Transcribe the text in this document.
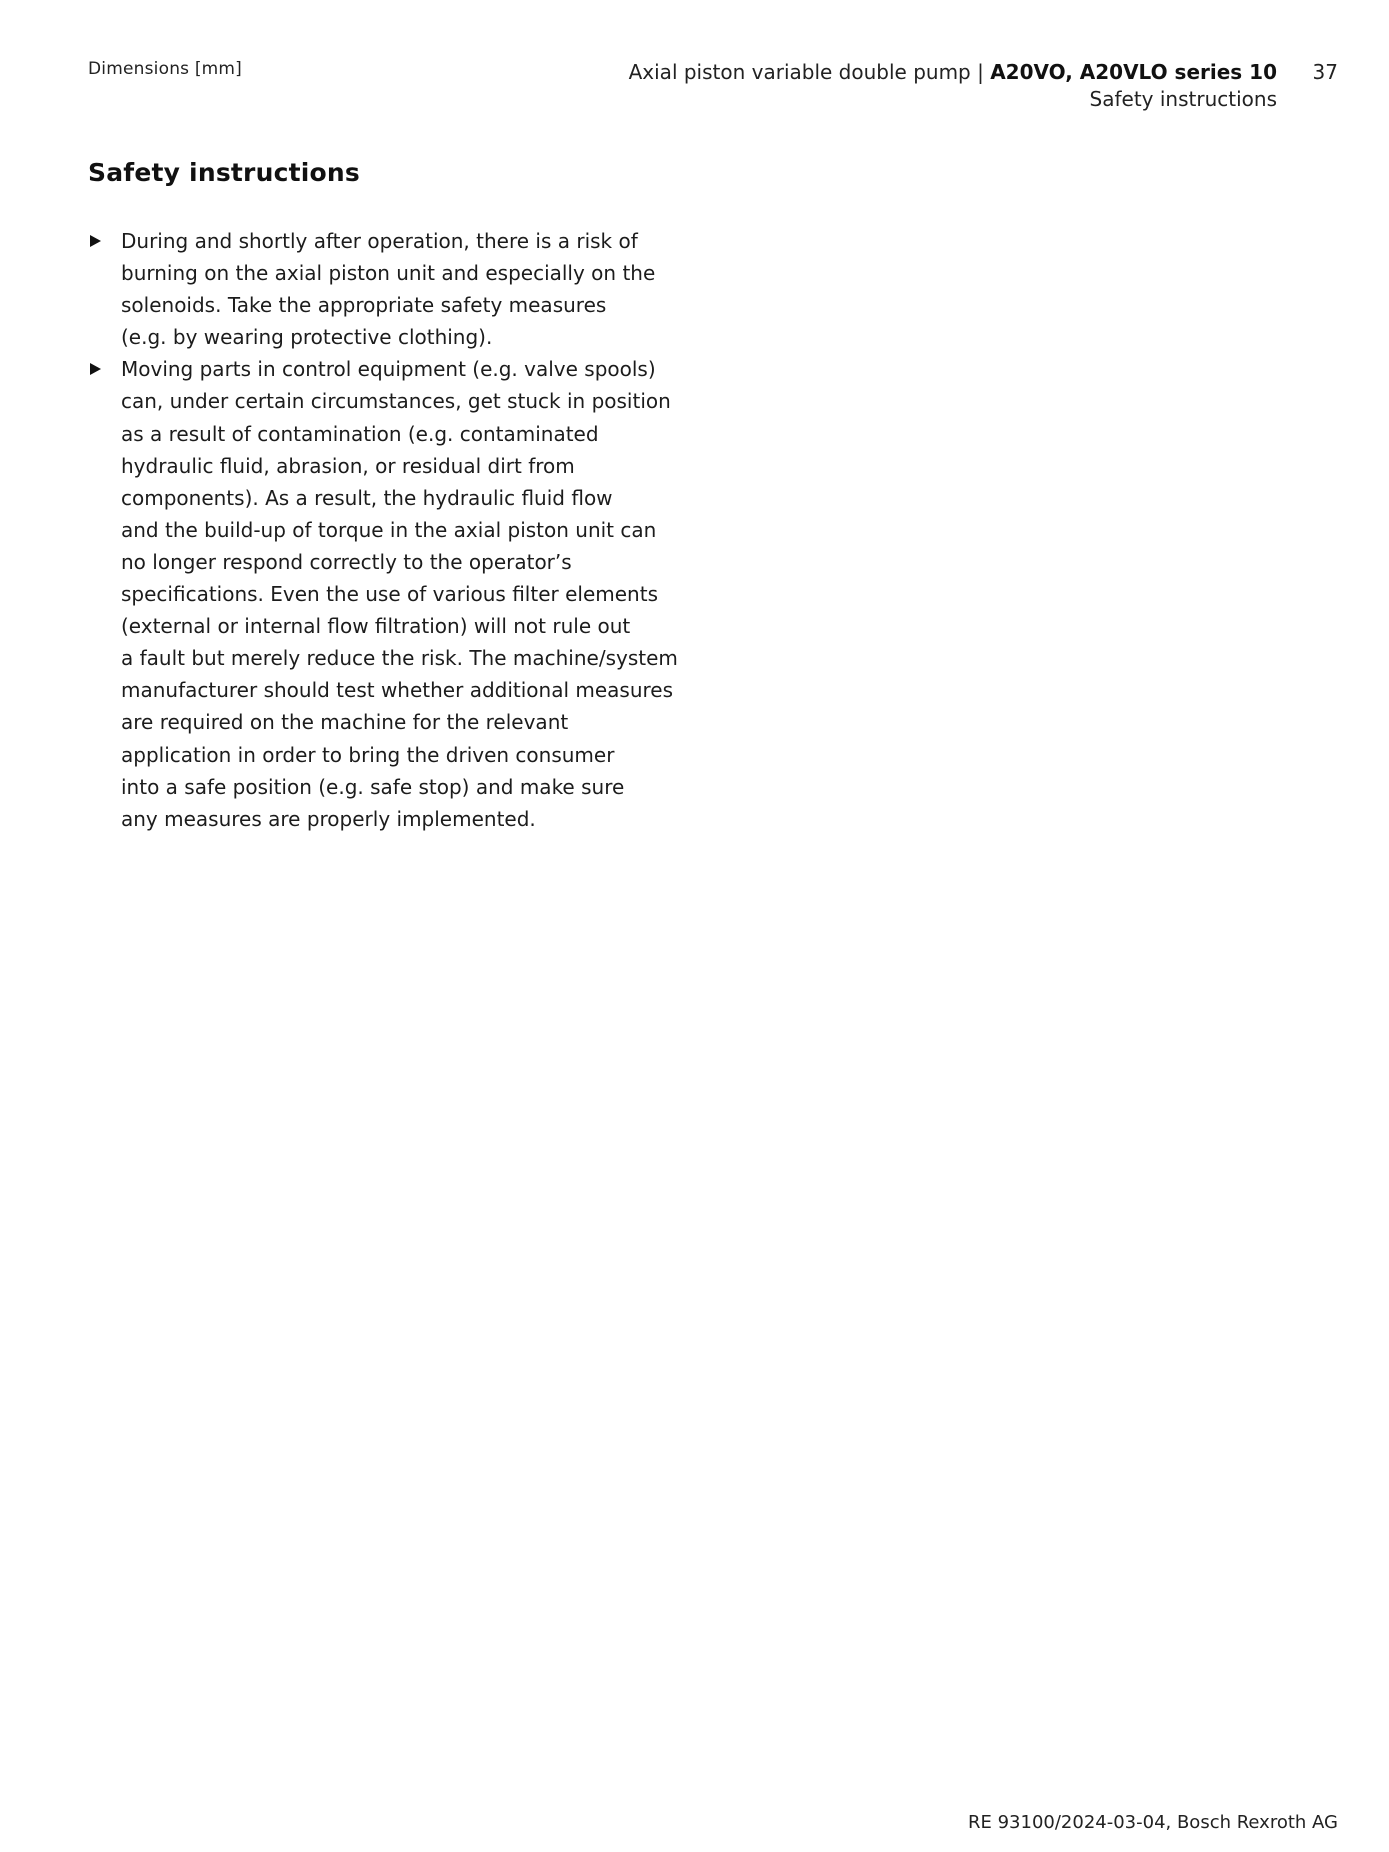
Dimensions [mm]	Axial piston variable double pump | A20VO, A20VLO series 10
Safety instructions
37
Safety instructions
During and shortly after operation, there is a risk of
burning on the axial piston unit and especially on the
solenoids. Take the appropriate safety measures
(e.g. by wearing protective clothing).
Moving parts in control equipment (e.g. valve spools)
can, under certain circumstances, get stuck in position
as a result of contamination (e.g. contaminated
hydraulic fluid, abrasion, or residual dirt from
components). As a result, the hydraulic fluid flow
and the build-up of torque in the axial piston unit can
no longer respond correctly to the operator’s
specifications. Even the use of various filter elements
(external or internal flow filtration) will not rule out
a fault but merely reduce the risk. The machine/system
manufacturer should test whether additional measures
are required on the machine for the relevant
application in order to bring the driven consumer
into a safe position (e.g. safe stop) and make sure
any measures are properly implemented.
RE 93100/2024-03-04, Bosch Rexroth AG
